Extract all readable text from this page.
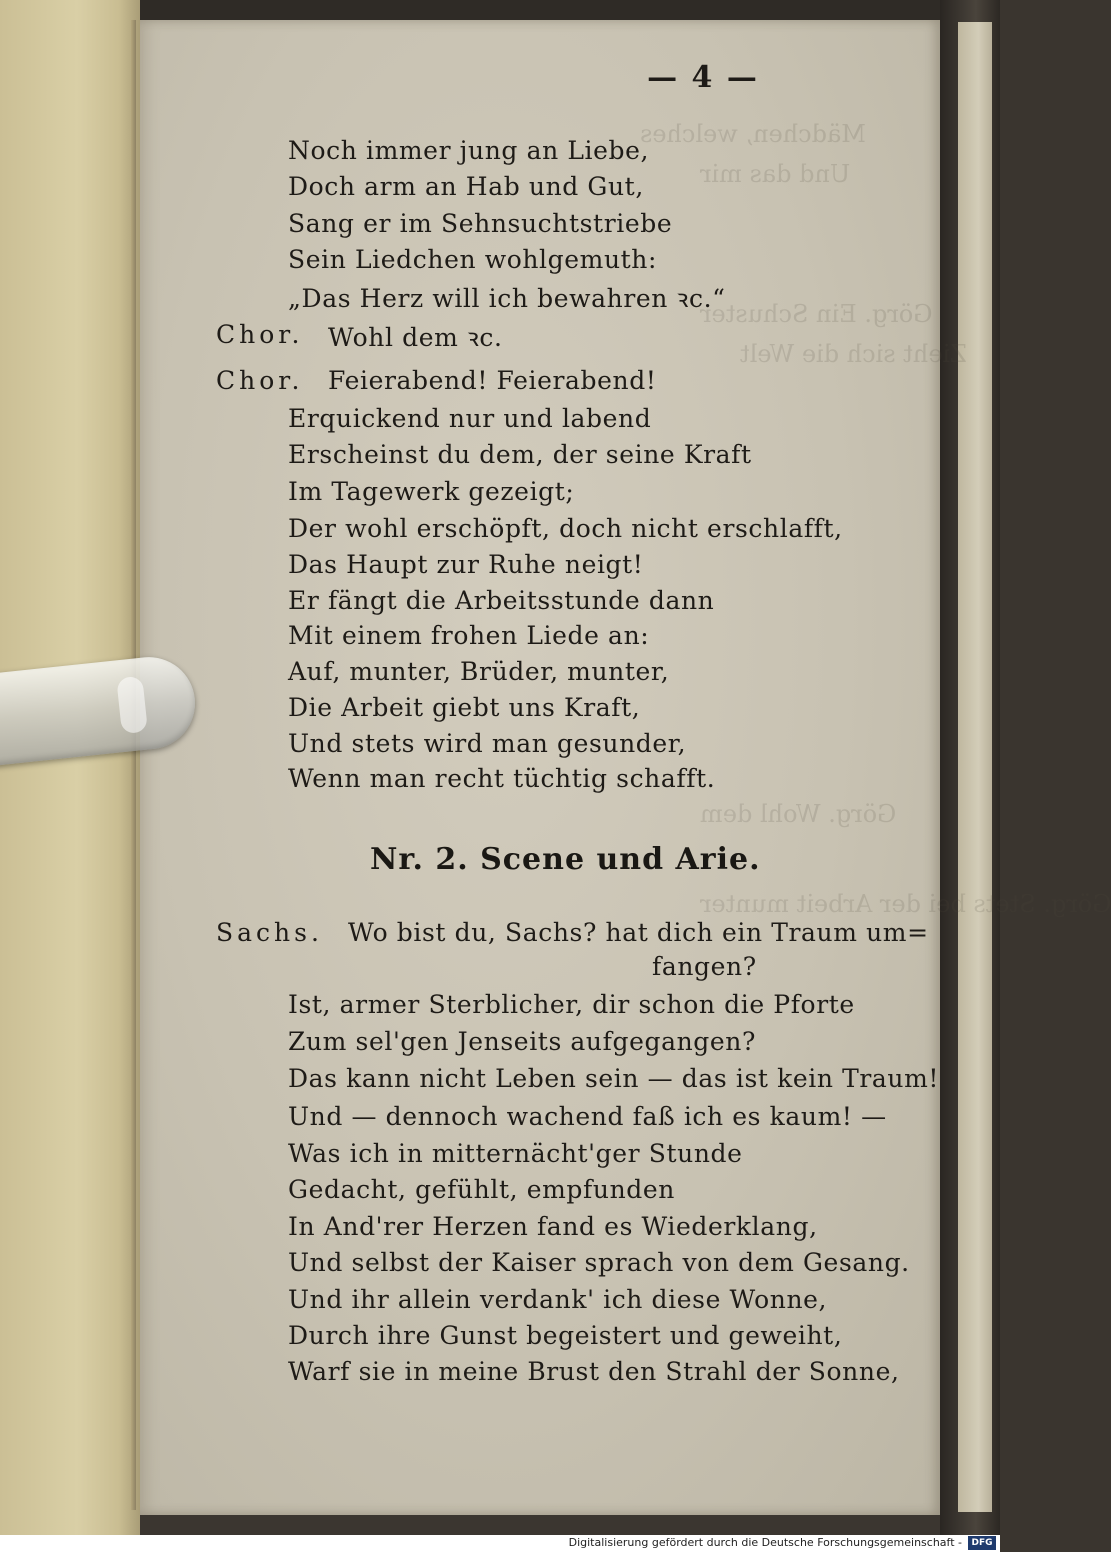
Mädchen, welches
Und das mir
Görg. Ein Schuster
Zieht sich die Welt
Görg. Wohl dem
Görg. Stets bei der Arbeit munter
— 4 —
Noch immer jung an Liebe,
Doch arm an Hab und Gut,
Sang er im Sehnsuchtstriebe
Sein Liedchen wohlgemuth:
„Das Herz will ich bewahren ꝛc.“
Chor. Wohl dem ꝛc.
Chor. Feierabend! Feierabend!
Erquickend nur und labend
Erscheinst du dem, der seine Kraft
Im Tagewerk gezeigt;
Der wohl erschöpft, doch nicht erschlafft,
Das Haupt zur Ruhe neigt!
Er fängt die Arbeitsstunde dann
Mit einem frohen Liede an:
Auf, munter, Brüder, munter,
Die Arbeit giebt uns Kraft,
Und stets wird man gesunder,
Wenn man recht tüchtig schafft.
Nr. 2. Scene und Arie.
Sachs. Wo bist du, Sachs? hat dich ein Traum um=
fangen?
Ist, armer Sterblicher, dir schon die Pforte
Zum sel'gen Jenseits aufgegangen?
Das kann nicht Leben sein — das ist kein Traum!
Und — dennoch wachend faß ich es kaum! —
Was ich in mitternächt'ger Stunde
Gedacht, gefühlt, empfunden
In And'rer Herzen fand es Wiederklang,
Und selbst der Kaiser sprach von dem Gesang.
Und ihr allein verdank' ich diese Wonne,
Durch ihre Gunst begeistert und geweiht,
Warf sie in meine Brust den Strahl der Sonne,
Digitalisierung gefördert durch die Deutsche Forschungsgemeinschaft -	DFG
